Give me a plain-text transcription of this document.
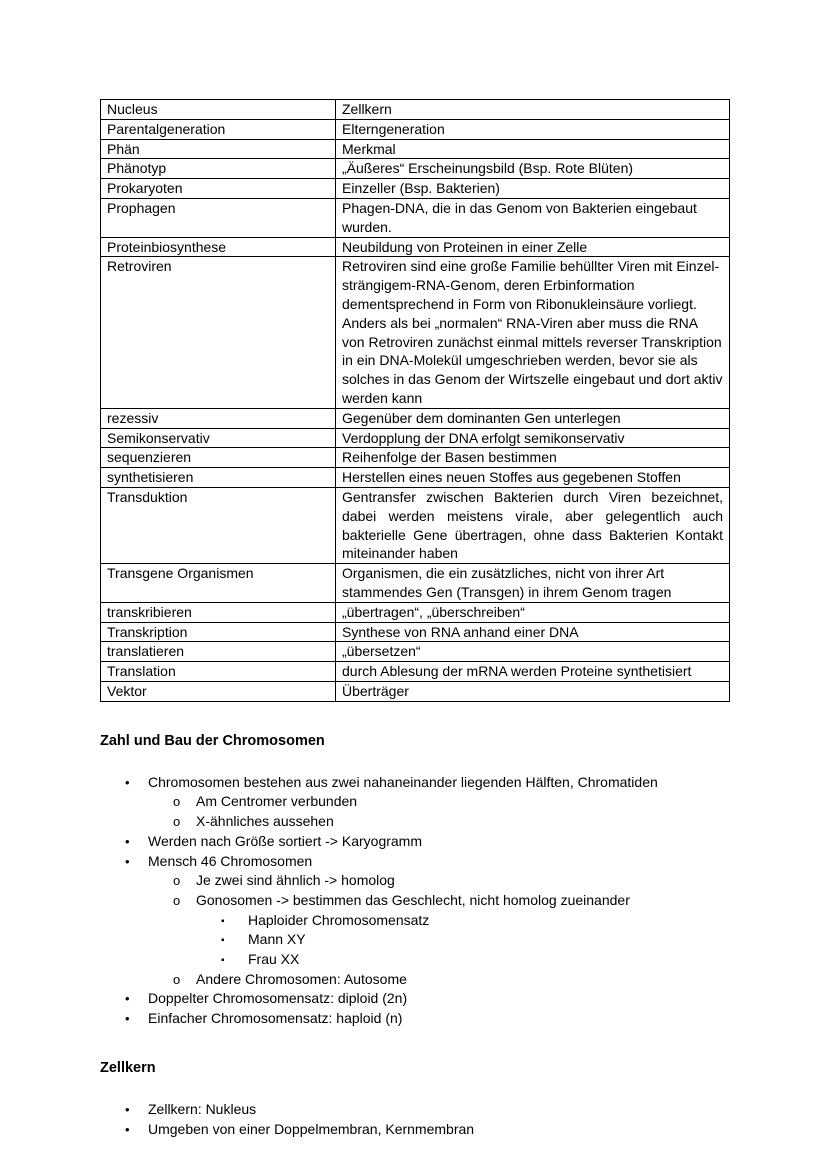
Nucleus	Zellkern
Parentalgeneration	Elterngeneration
Phän	Merkmal
Phänotyp	„Äußeres“ Erscheinungsbild (Bsp. Rote Blüten)
Prokaryoten	Einzeller (Bsp. Bakterien)
Prophagen	Phagen-DNA, die in das Genom von Bakterien eingebaut wurden.
Proteinbiosynthese	Neubildung von Proteinen in einer Zelle
Retroviren	Retroviren sind eine große Familie behüllter Viren mit Einzel-strängigem-RNA-Genom, deren Erbinformation dementsprechend in Form von Ribonukleinsäure vorliegt. Anders als bei „normalen“ RNA-Viren aber muss die RNA von Retroviren zunächst einmal mittels reverser Transkription in ein DNA-Molekül umgeschrieben werden, bevor sie als solches in das Genom der Wirtszelle eingebaut und dort aktiv werden kann
rezessiv	Gegenüber dem dominanten Gen unterlegen
Semikonservativ	Verdopplung der DNA erfolgt semikonservativ
sequenzieren	Reihenfolge der Basen bestimmen
synthetisieren	Herstellen eines neuen Stoffes aus gegebenen Stoffen
Transduktion	Gentransfer zwischen Bakterien durch Viren bezeichnet, dabei werden meistens virale, aber gelegentlich auch bakterielle Gene übertragen, ohne dass Bakterien Kontakt miteinander haben
Transgene Organismen	Organismen, die ein zusätzliches, nicht von ihrer Art stammendes Gen (Transgen) in ihrem Genom tragen
transkribieren	„übertragen“, „überschreiben“
Transkription	Synthese von RNA anhand einer DNA
translatieren	„übersetzen“
Translation	durch Ablesung der mRNA werden Proteine synthetisiert
Vektor	Überträger
Zahl und Bau der Chromosomen
• Chromosomen bestehen aus zwei nahaneinander liegenden Hälften, Chromatiden
o Am Centromer verbunden
o X-ähnliches aussehen
• Werden nach Größe sortiert -> Karyogramm
• Mensch 46 Chromosomen
o Je zwei sind ähnlich -> homolog
o Gonosomen -> bestimmen das Geschlecht, nicht homolog zueinander
▪ Haploider Chromosomensatz
▪ Mann XY
▪ Frau XX
o Andere Chromosomen: Autosome
• Doppelter Chromosomensatz: diploid (2n)
• Einfacher Chromosomensatz: haploid (n)
Zellkern
• Zellkern: Nukleus
• Umgeben von einer Doppelmembran, Kernmembran
